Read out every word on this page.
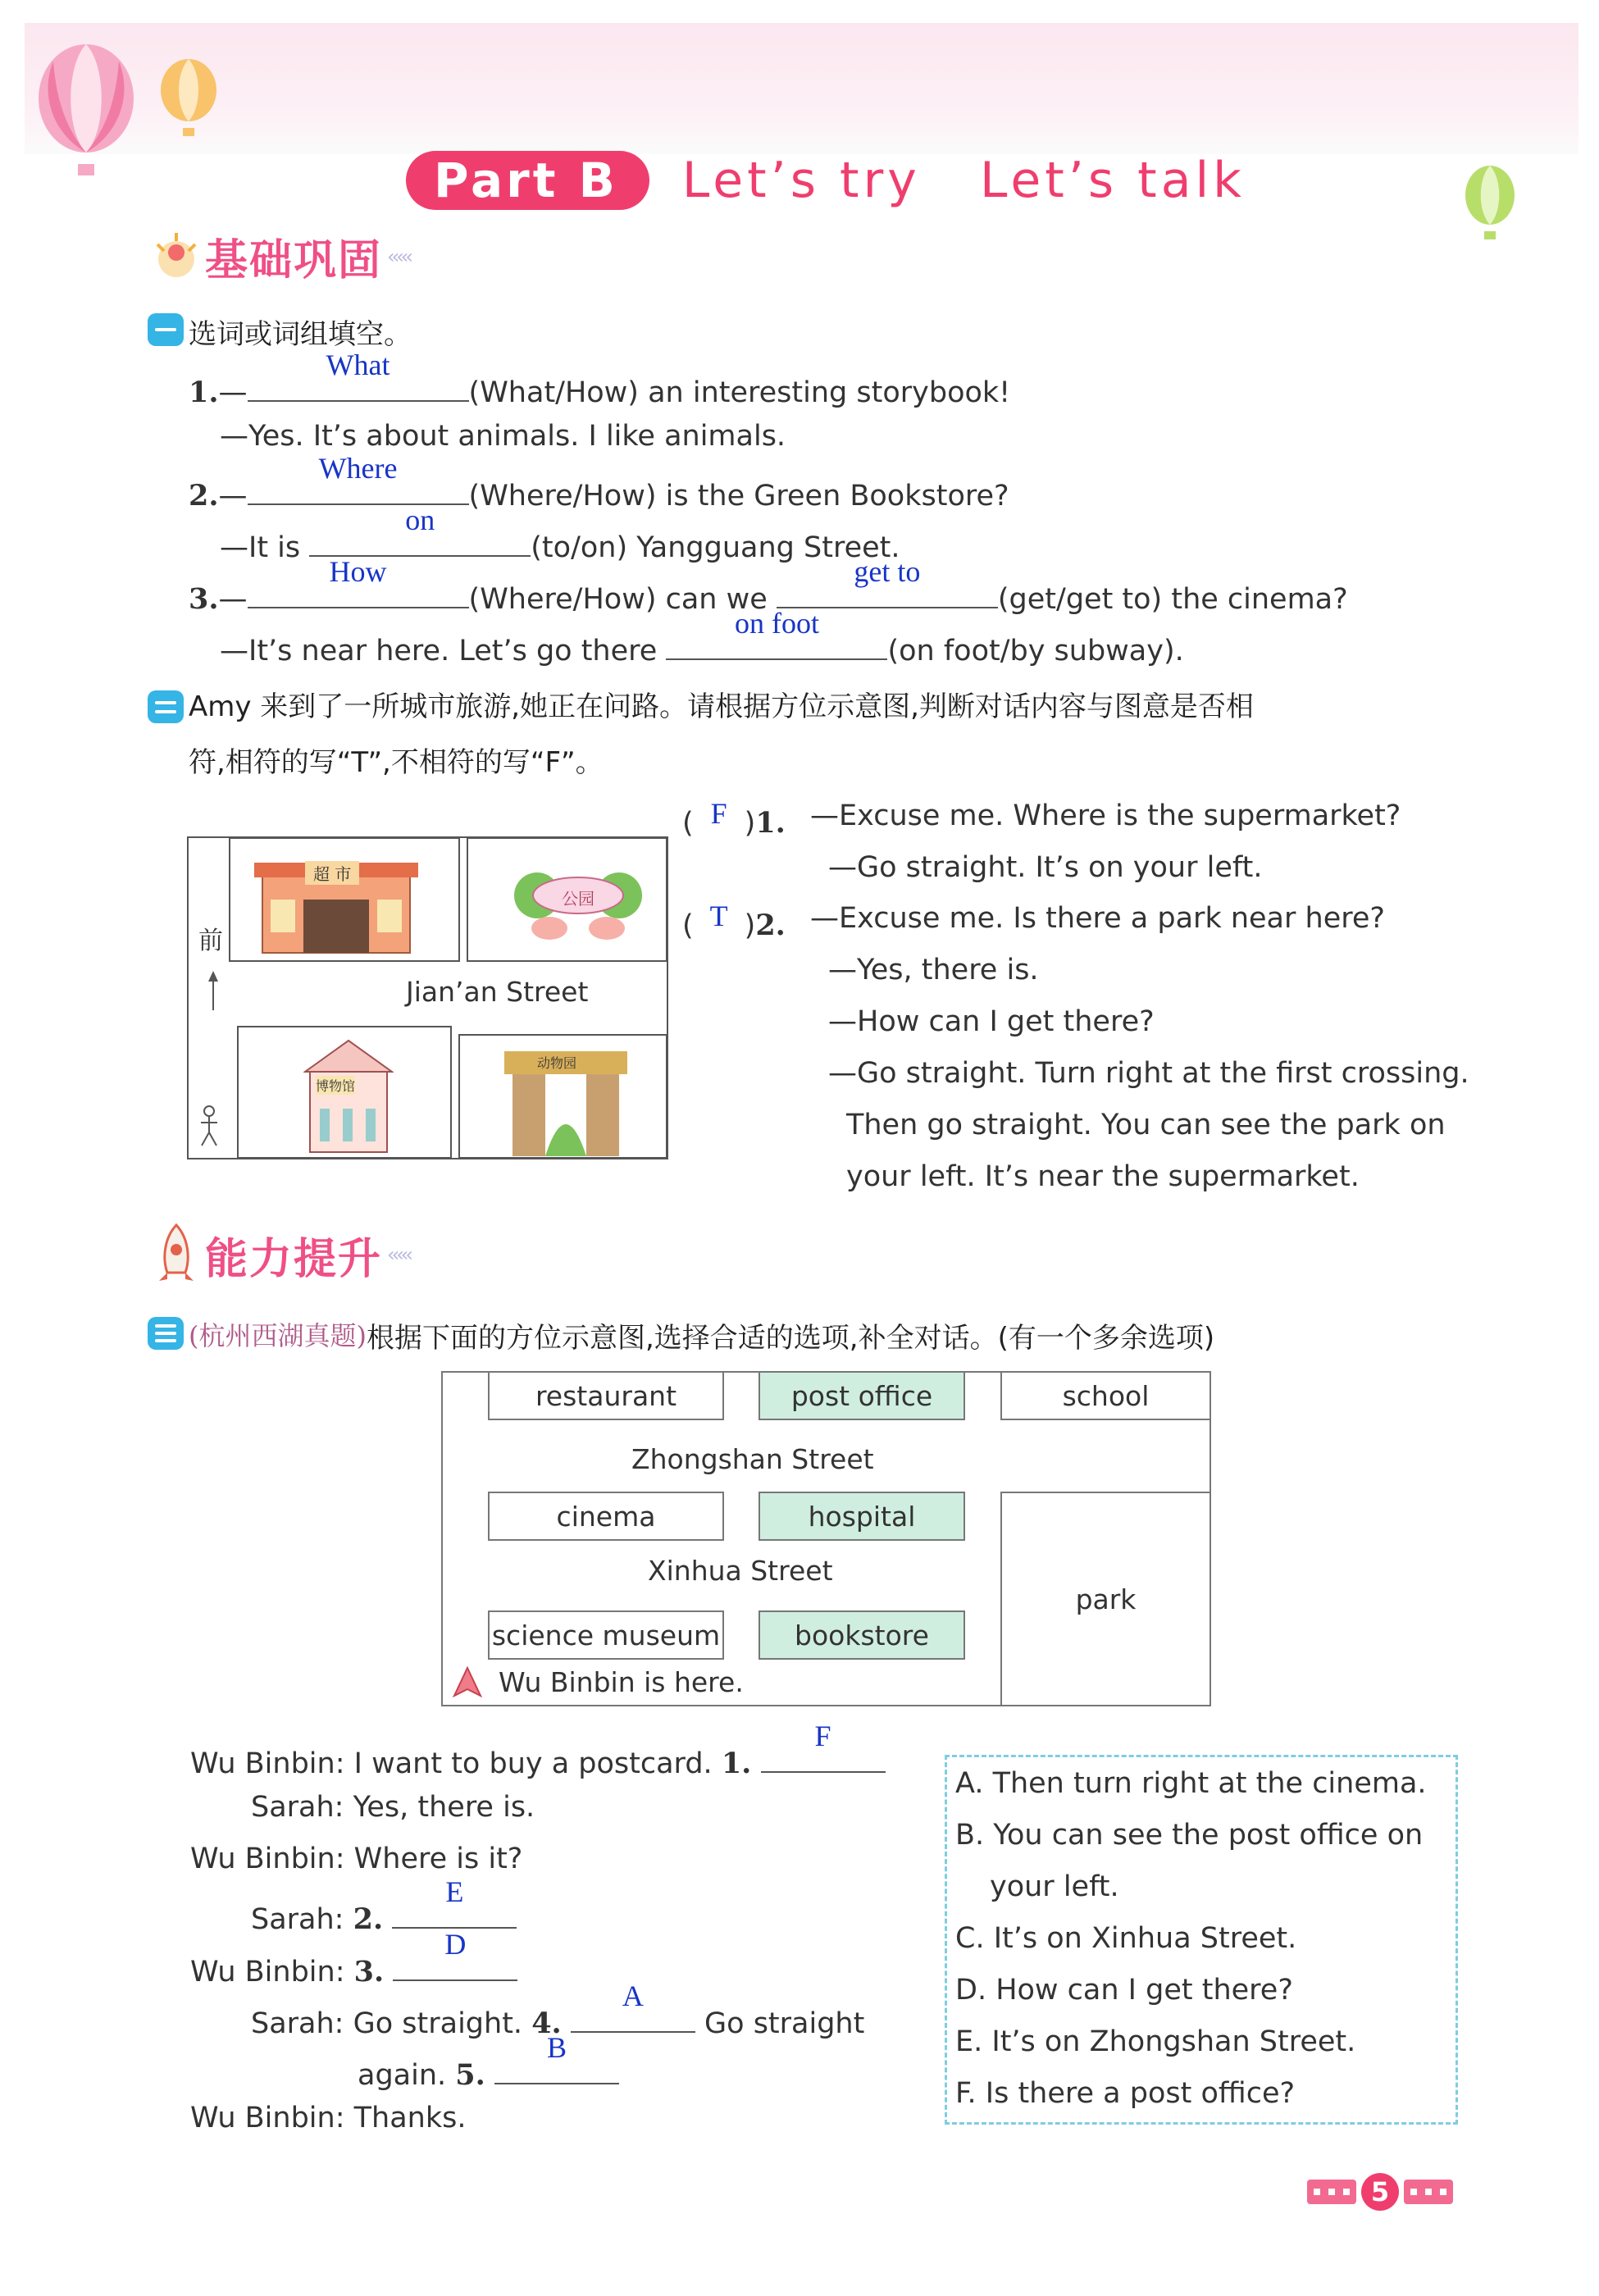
Part B	Let’s try   Let’s talk
基础巩固 ‹‹‹‹‹
选词或词组填空。
1.—
What
(What/How) an interesting storybook!
—Yes. It’s about animals. I like animals.
2.—
Where
(Where/How) is the Green Bookstore?
—It is
on
(to/on) Yangguang Street.
3.—
How
(Where/How) can we
get to
(get/get to) the cinema?
—It’s near here. Let’s go there
on foot
(on foot/by subway).
Amy 来到了一所城市旅游,她正在问路。请根据方位示意图,判断对话内容与图意是否相
符,相符的写“T”,不相符的写“F”。
超 市
公园
前
Jian’an Street
博物馆
动物园
( F )1. —Excuse me. Where is the supermarket?
—Go straight. It’s on your left.
( T )2. —Excuse me. Is there a park near here?
—Yes, there is.
—How can I get there?
—Go straight. Turn right at the first crossing.
Then go straight. You can see the park on
your left. It’s near the supermarket.
能力提升 ‹‹‹‹‹
(杭州西湖真题) 根据下面的方位示意图,选择合适的选项,补全对话。(有一个多余选项)
restaurant	post office	school
Zhongshan Street
cinema	hospital
Xinhua Street
park
science museum	bookstore
Wu Binbin is here.
Wu Binbin: I want to buy a postcard. 1.
F
Sarah: Yes, there is.
Wu Binbin: Where is it?
Sarah: 2.
E
Wu Binbin: 3.
D
Sarah: Go straight. 4.
A
Go straight
again. 5.
B
Wu Binbin: Thanks.
A. Then turn right at the cinema.
B. You can see the post office on
your left.
C. It’s on Xinhua Street.
D. How can I get there?
E. It’s on Zhongshan Street.
F. Is there a post office?
5
